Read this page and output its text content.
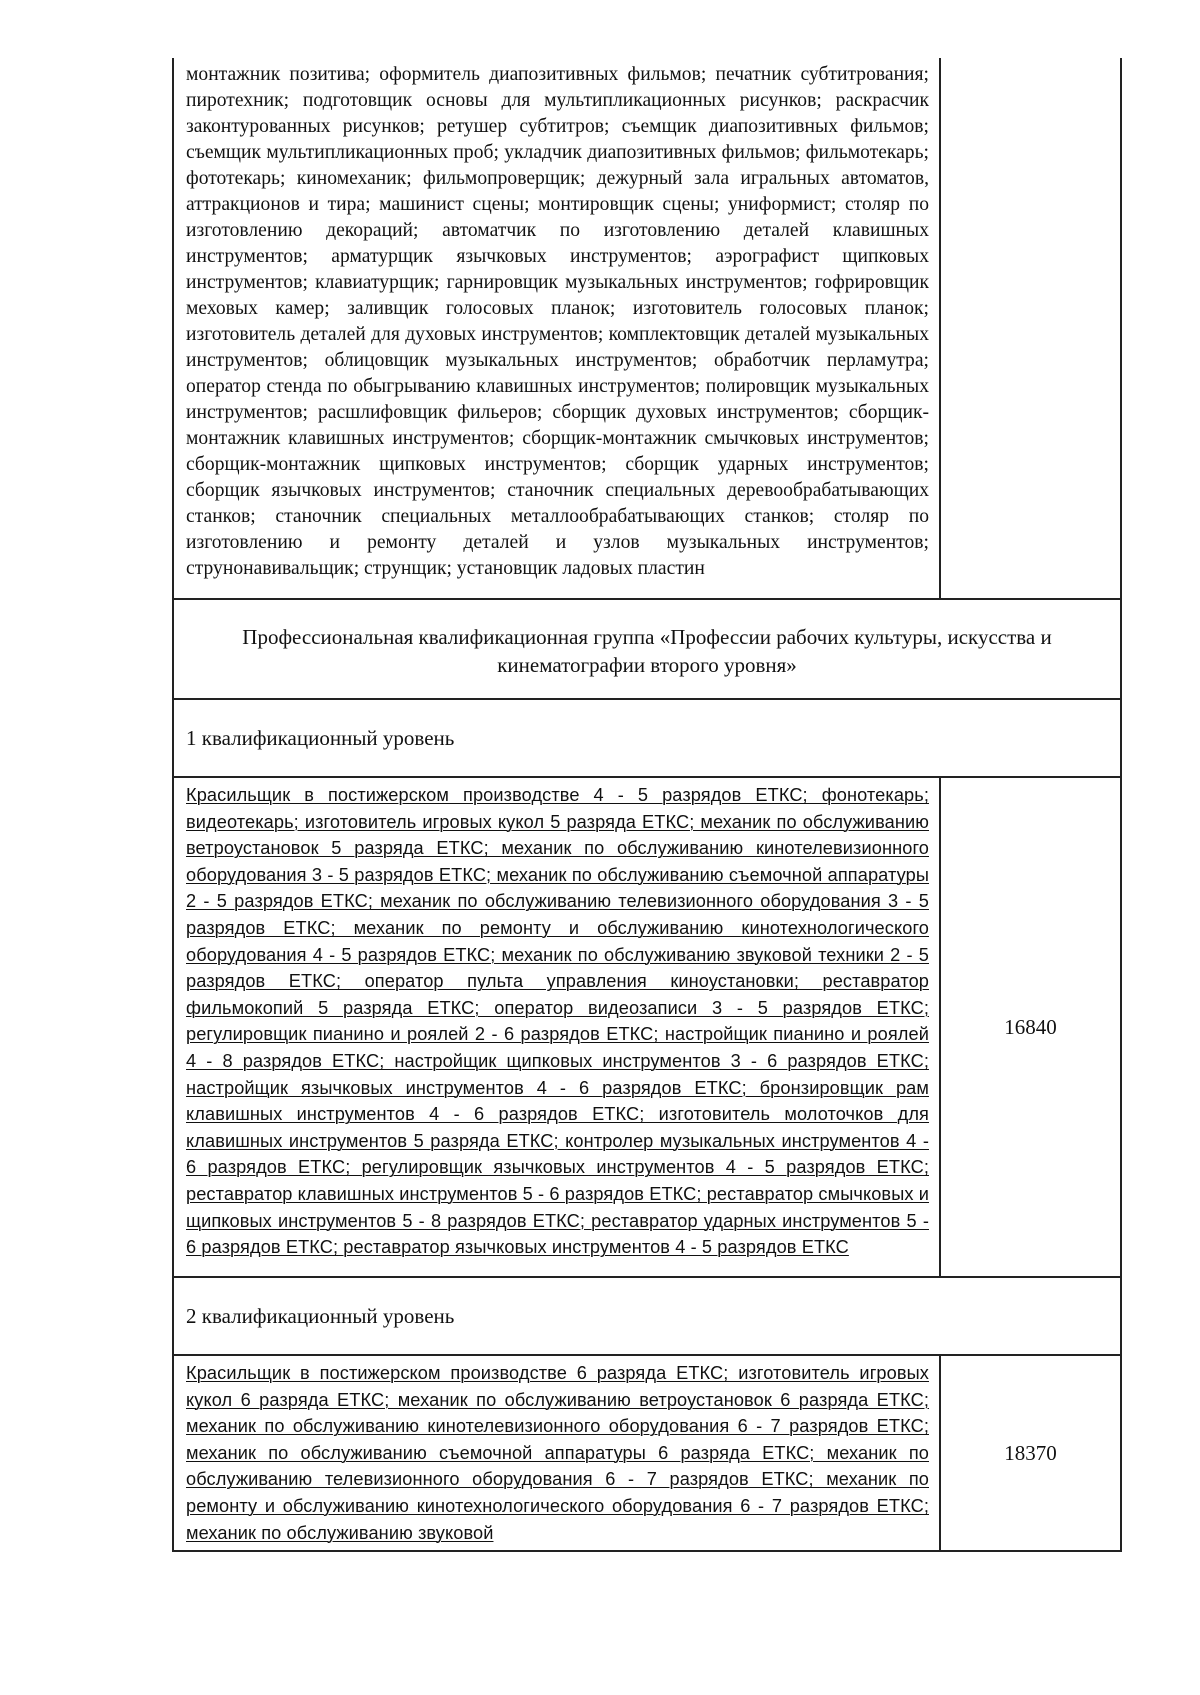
монтажник позитива; оформитель диапозитивных фильмов; печатник субтитрования; пиротехник; подготовщик основы для мультипликационных рисунков; раскрасчик законтурованных рисунков; ретушер субтитров; съемщик диапозитивных фильмов; съемщик мультипликационных проб; укладчик диапозитивных фильмов; фильмотекарь; фототекарь; киномеханик; фильмопроверщик; дежурный зала игральных автоматов, аттракционов и тира; машинист сцены; монтировщик сцены; униформист; столяр по изготовлению декораций; автоматчик по изготовлению деталей клавишных инструментов; арматурщик язычковых инструментов; аэрографист щипковых инструментов; клавиатурщик; гарнировщик музыкальных инструментов; гофрировщик меховых камер; заливщик голосовых планок; изготовитель голосовых планок; изготовитель деталей для духовых инструментов; комплектовщик деталей музыкальных инструментов; облицовщик музыкальных инструментов; обработчик перламутра; оператор стенда по обыгрыванию клавишных инструментов; полировщик музыкальных инструментов; расшлифовщик фильеров; сборщик духовых инструментов; сборщик-монтажник клавишных инструментов; сборщик-монтажник смычковых инструментов; сборщик-монтажник щипковых инструментов; сборщик ударных инструментов; сборщик язычковых инструментов; станочник специальных деревообрабатывающих станков; станочник специальных металлообрабатывающих станков; столяр по изготовлению и ремонту деталей и узлов музыкальных инструментов; струнонавивальщик; струнщик; установщик ладовых пластин	
Профессиональная квалификационная группа «Профессии рабочих культуры, искусства и кинематографии второго уровня»	
1 квалификационный уровень	
Красильщик в постижерском производстве 4 - 5 разрядов ЕТКС; фонотекарь; видеотекарь; изготовитель игровых кукол 5 разряда ЕТКС; механик по обслуживанию ветроустановок 5 разряда ЕТКС; механик по обслуживанию кинотелевизионного оборудования 3 - 5 разрядов ЕТКС; механик по обслуживанию съемочной аппаратуры 2 - 5 разрядов ЕТКС; механик по обслуживанию телевизионного оборудования 3 - 5 разрядов ЕТКС; механик по ремонту и обслуживанию кинотехнологического оборудования 4 - 5 разрядов ЕТКС; механик по обслуживанию звуковой техники 2 - 5 разрядов ЕТКС; оператор пульта управления киноустановки; реставратор фильмокопий 5 разряда ЕТКС; оператор видеозаписи 3 - 5 разрядов ЕТКС; регулировщик пианино и роялей 2 - 6 разрядов ЕТКС; настройщик пианино и роялей 4 - 8 разрядов ЕТКС; настройщик щипковых инструментов 3 - 6 разрядов ЕТКС; настройщик язычковых инструментов 4 - 6 разрядов ЕТКС; бронзировщик рам клавишных инструментов 4 - 6 разрядов ЕТКС; изготовитель молоточков для клавишных инструментов 5 разряда ЕТКС; контролер музыкальных инструментов 4 - 6 разрядов ЕТКС; регулировщик язычковых инструментов 4 - 5 разрядов ЕТКС; реставратор клавишных инструментов 5 - 6 разрядов ЕТКС; реставратор смычковых и щипковых инструментов 5 - 8 разрядов ЕТКС; реставратор ударных инструментов 5 - 6 разрядов ЕТКС; реставратор язычковых инструментов 4 - 5 разрядов ЕТКС	16840
2 квалификационный уровень	
Красильщик в постижерском производстве 6 разряда ЕТКС; изготовитель игровых кукол 6 разряда ЕТКС; механик по обслуживанию ветроустановок 6 разряда ЕТКС; механик по обслуживанию кинотелевизионного оборудования 6 - 7 разрядов ЕТКС; механик по обслуживанию съемочной аппаратуры 6 разряда ЕТКС; механик по обслуживанию телевизионного оборудования 6 - 7 разрядов ЕТКС; механик по ремонту и обслуживанию кинотехнологического оборудования 6 - 7 разрядов ЕТКС; механик по обслуживанию звуковой	18370
